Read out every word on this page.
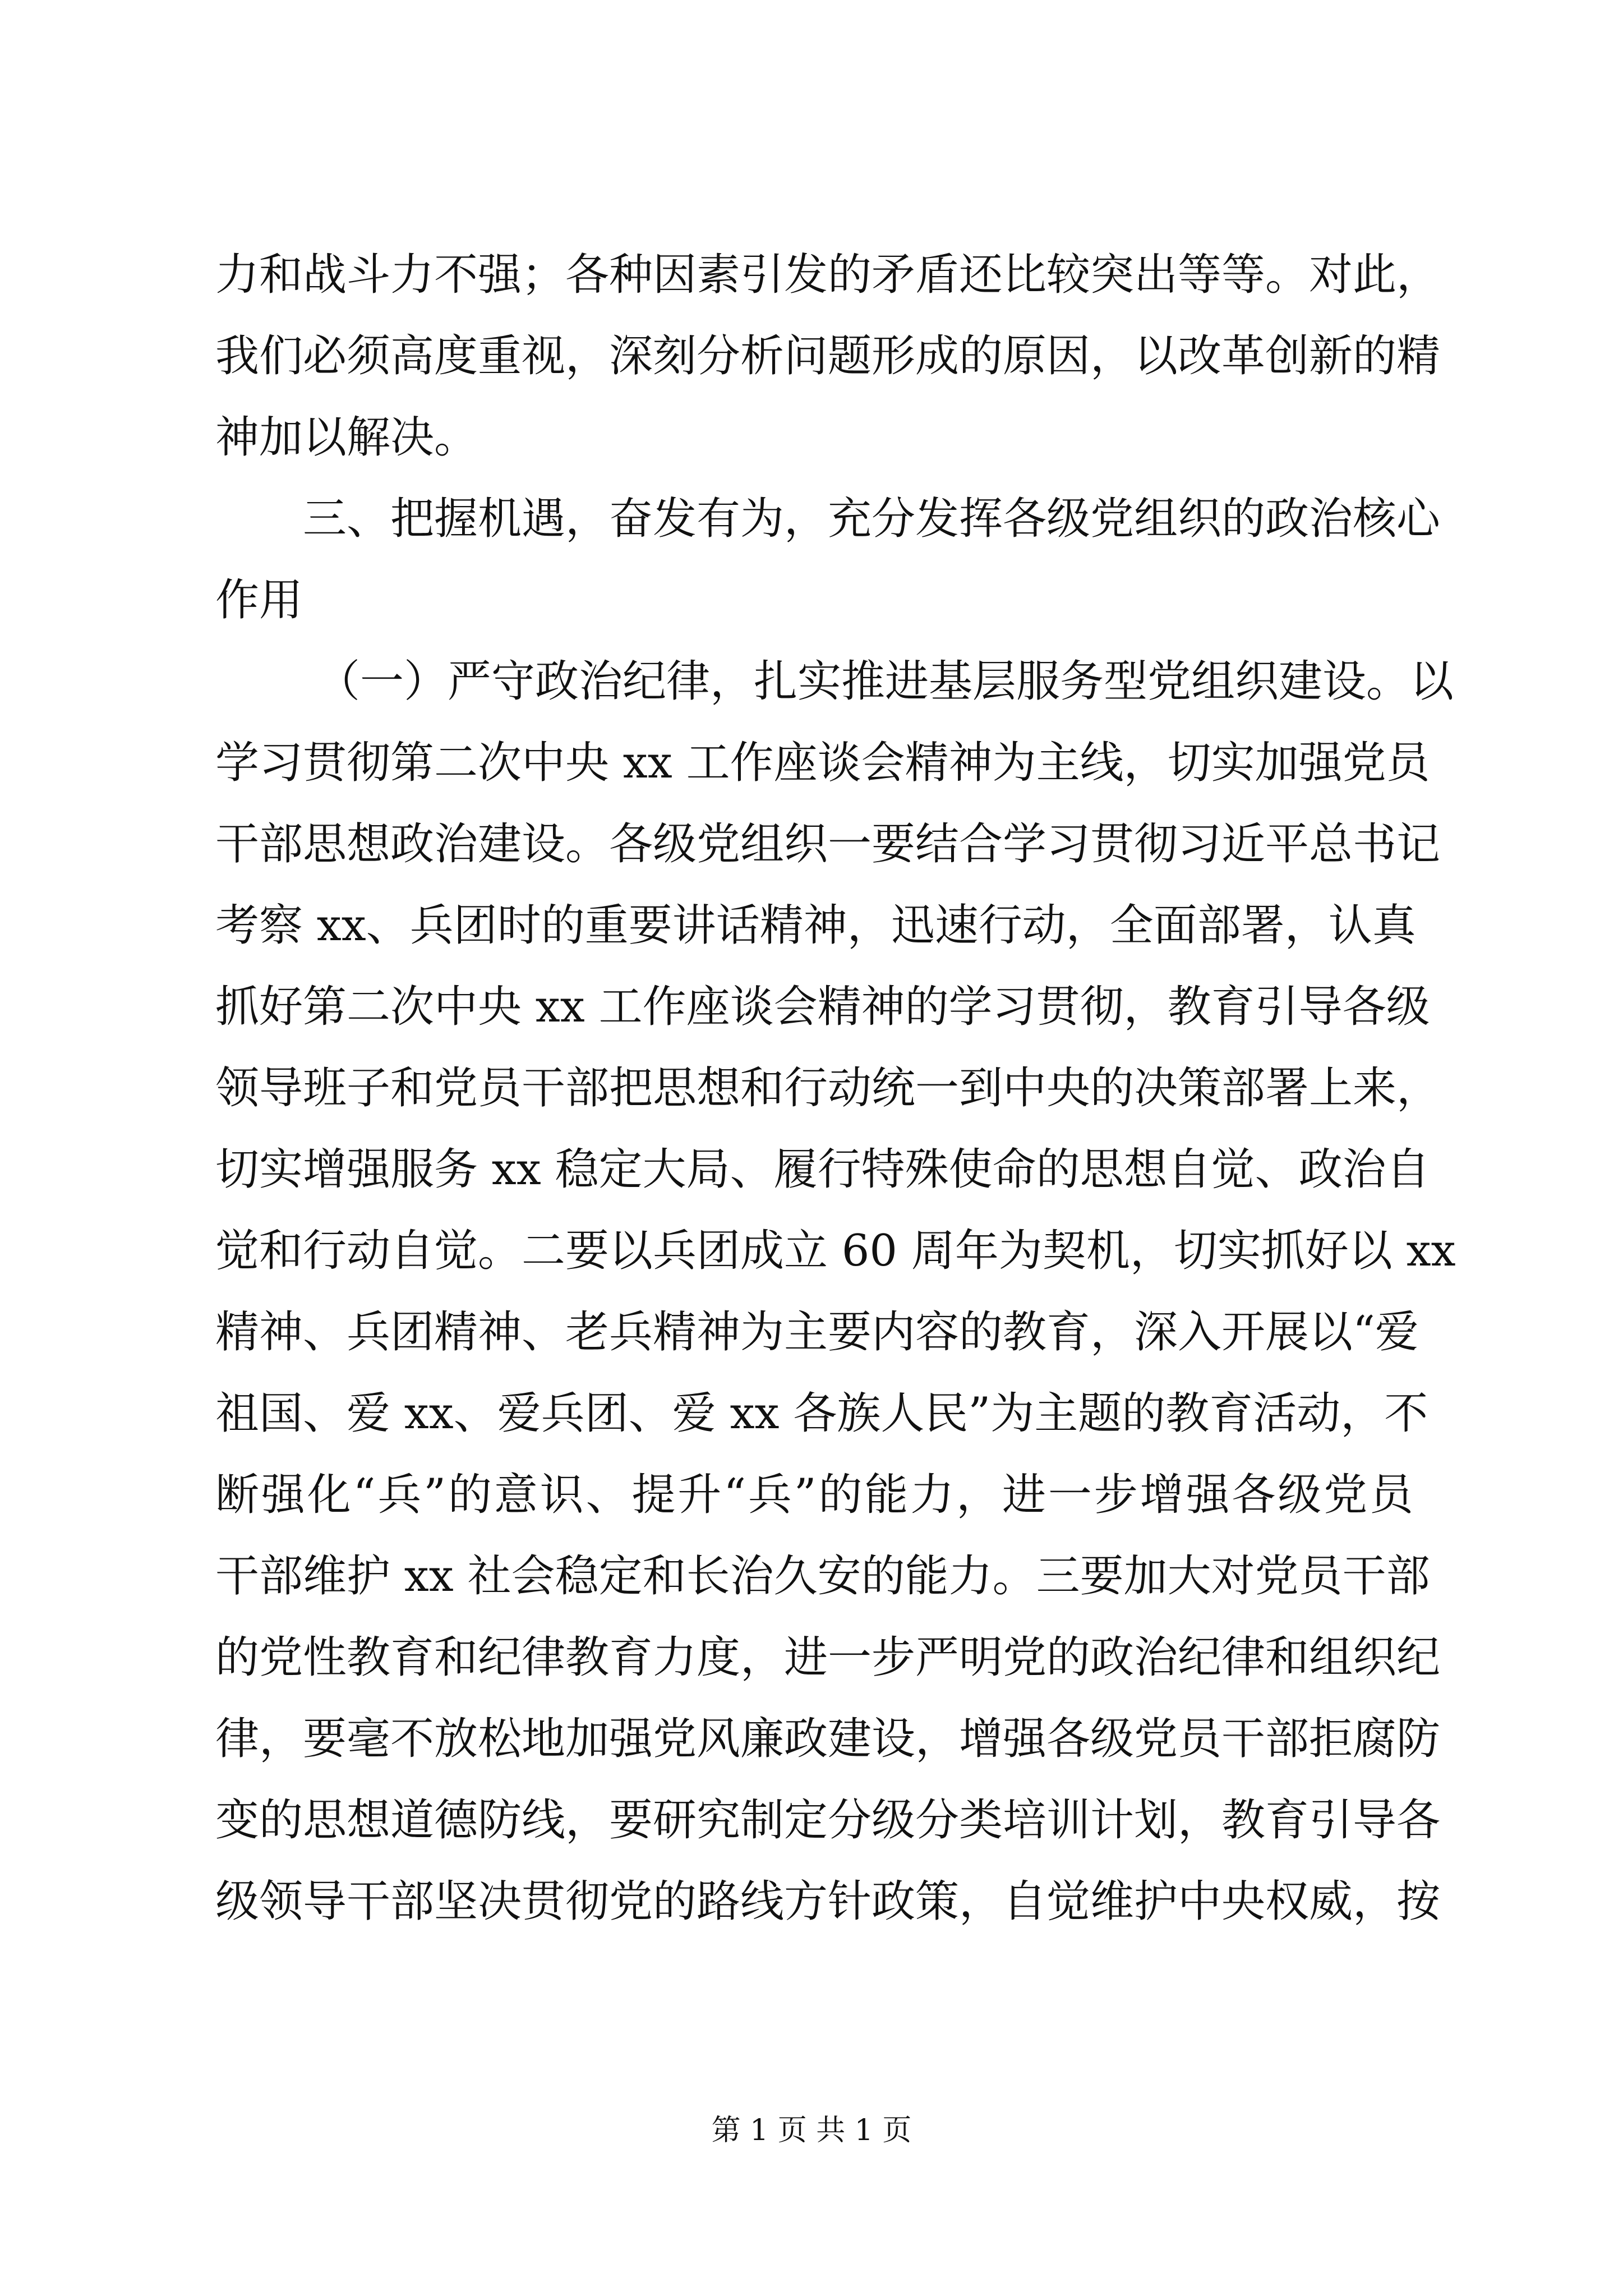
力和战斗力不强；各种因素引发的矛盾还比较突出等等。对此，
我们必须高度重视，深刻分析问题形成的原因，以改革创新的精
神加以解决。
三、把握机遇，奋发有为，充分发挥各级党组织的政治核心
作用
（一）严守政治纪律，扎实推进基层服务型党组织建设。以
学习贯彻第二次中央 xx 工作座谈会精神为主线，切实加强党员
干部思想政治建设。各级党组织一要结合学习贯彻习近平总书记
考察 xx、兵团时的重要讲话精神，迅速行动，全面部署，认真
抓好第二次中央 xx 工作座谈会精神的学习贯彻，教育引导各级
领导班子和党员干部把思想和行动统一到中央的决策部署上来，
切实增强服务 xx 稳定大局、履行特殊使命的思想自觉、政治自
觉和行动自觉。二要以兵团成立 60 周年为契机，切实抓好以 xx
精神、兵团精神、老兵精神为主要内容的教育，深入开展以“爱
祖国、爱 xx、爱兵团、爱 xx 各族人民”为主题的教育活动，不
断强化“兵”的意识、提升“兵”的能力，进一步增强各级党员
干部维护 xx 社会稳定和长治久安的能力。三要加大对党员干部
的党性教育和纪律教育力度，进一步严明党的政治纪律和组织纪
律，要毫不放松地加强党风廉政建设，增强各级党员干部拒腐防
变的思想道德防线，要研究制定分级分类培训计划，教育引导各
级领导干部坚决贯彻党的路线方针政策，自觉维护中央权威，按
第 1 页 共 1 页
